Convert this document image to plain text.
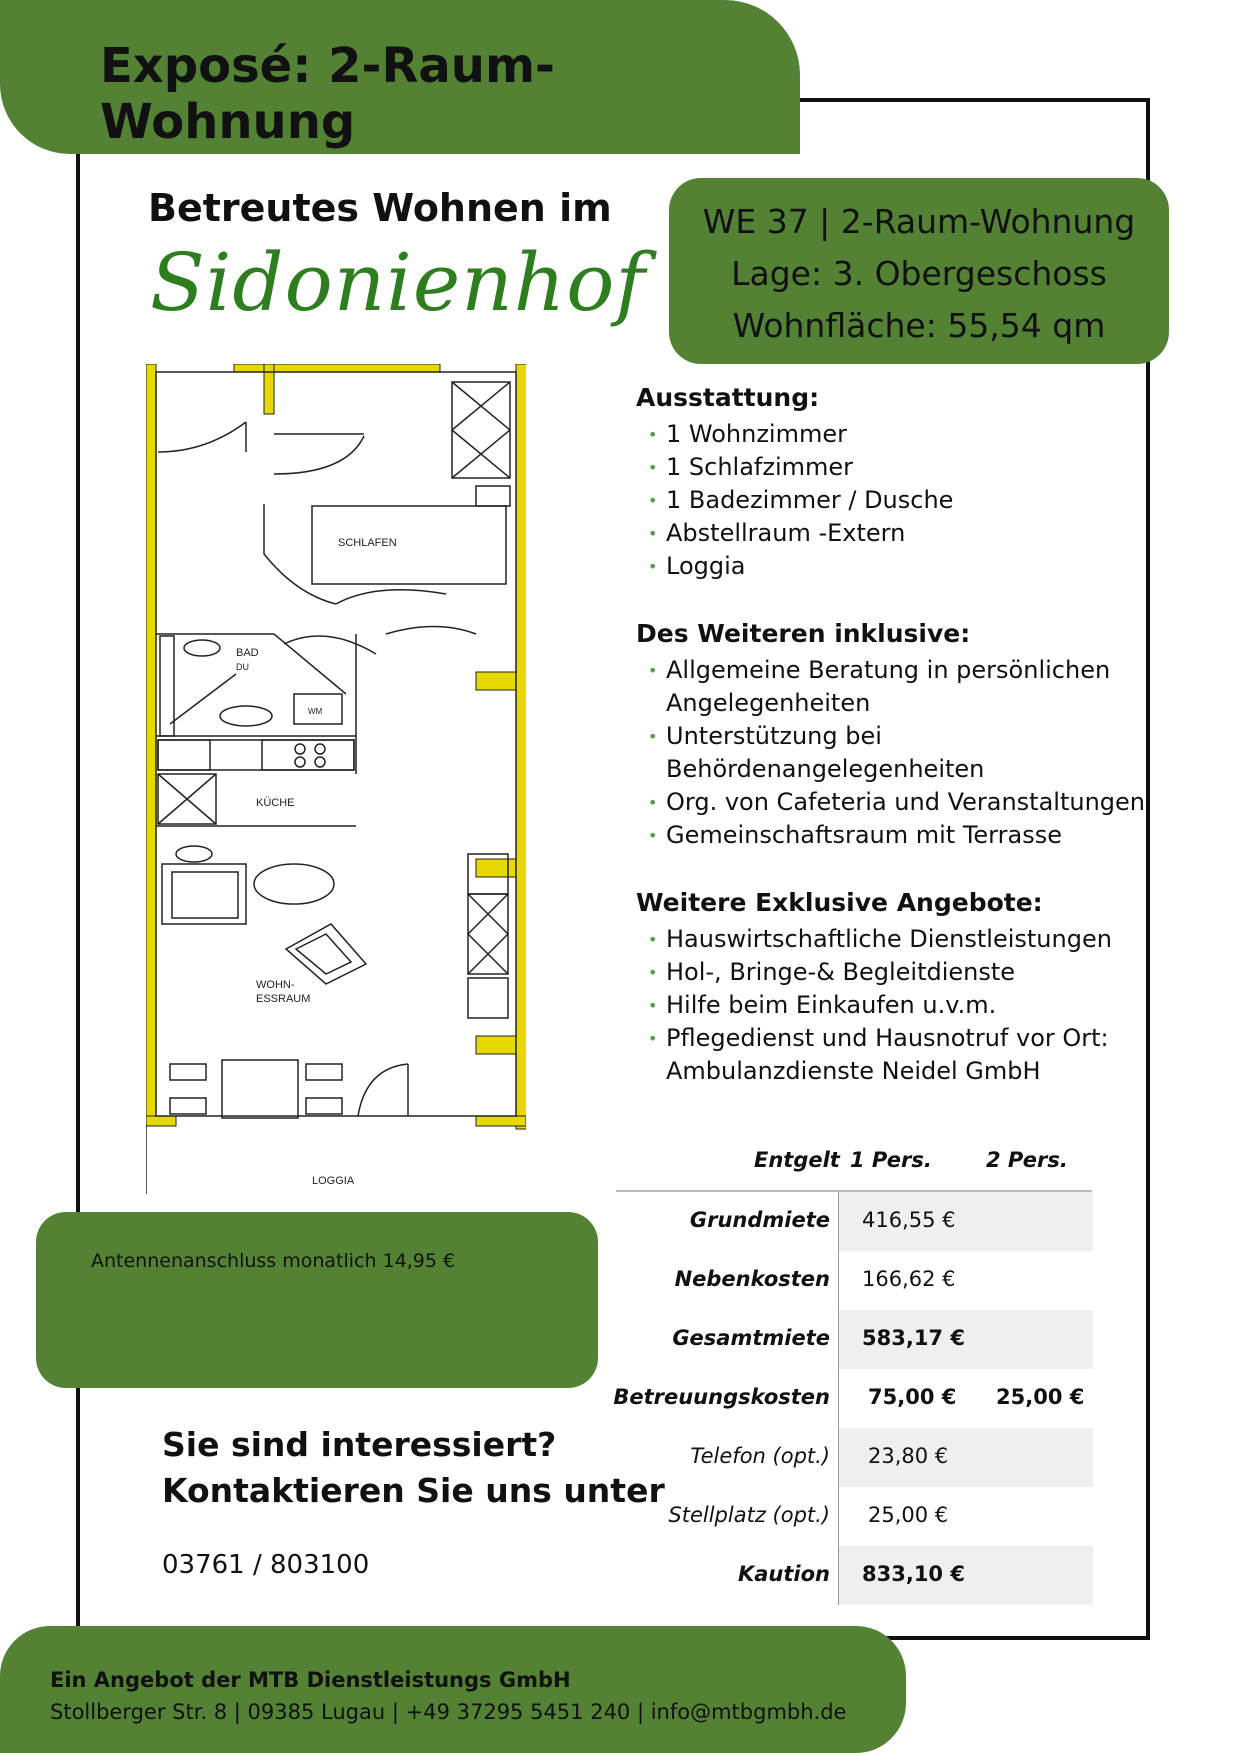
Exposé: 2-Raum-Wohnung
Betreutes Wohnen im
Sidonienhof
WE 37 | 2-Raum-Wohnung
Lage: 3. Obergeschoss
Wohnfläche: 55,54 qm
Ausstattung:
• 1 Wohnzimmer
• 1 Schlafzimmer
• 1 Badezimmer / Dusche
• Abstellraum -Extern
• Loggia
Des Weiteren inklusive:
• Allgemeine Beratung in persönlichen Angelegenheiten
• Unterstützung bei Behördenangelegenheiten
• Org. von Cafeteria und Veranstaltungen
• Gemeinschaftsraum mit Terrasse
Weitere Exklusive Angebote:
• Hauswirtschaftliche Dienstleistungen
• Hol-, Bringe-& Begleitdienste
• Hilfe beim Einkaufen u.v.m.
• Pflegedienst und Hausnotruf vor Ort: Ambulanzdienste Neidel GmbH
SCHLAFEN
BAD
DU
WM
KÜCHE
WOHN-
ESSRAUM
LOGGIA
Antennenanschluss monatlich 14,95 €
Sie sind interessiert?
Kontaktieren Sie uns unter
03761 / 803100
Entgelt 1 Pers.	2 Pers.
Grundmiete 416,55 €
Nebenkosten 166,62 €
Gesamtmiete 583,17 €
Betreuungskosten 75,00 € 25,00 €
Telefon (opt.) 23,80 €
Stellplatz (opt.) 25,00 €
Kaution 833,10 €
Ein Angebot der MTB Dienstleistungs GmbH
Stollberger Str. 8 | 09385 Lugau | +49 37295 5451 240 | info@mtbgmbh.de
